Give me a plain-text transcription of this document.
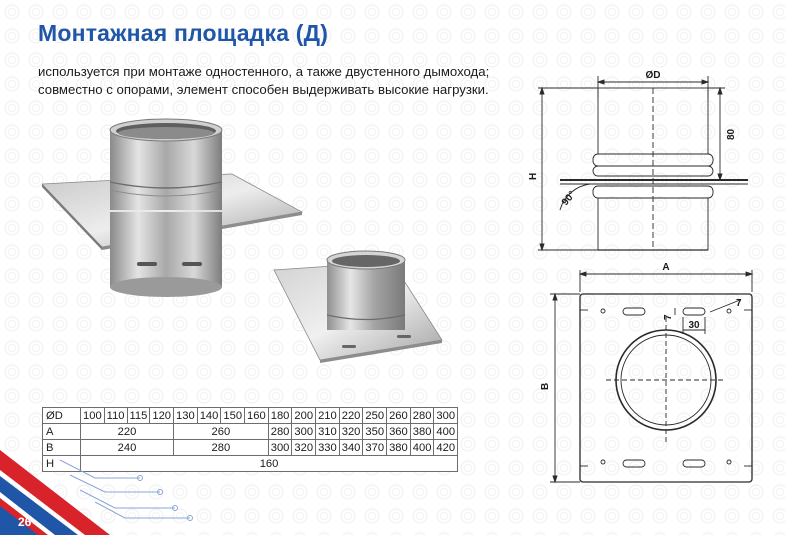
Монтажная площадка (Д)

используется при монтаже одностенного, а также двустенного дымохода;

совместно с опорами, элемент способен выдерживать высокие нагрузки.

ØD
80
H
90°
A
B
30
7
7
ØD	100	110	115	120	130	140	150	160	180	200	210	220	250	260	280	300
A	220				260				280	300	310	320	350	360	380	400
B	240				280				300	320	330	340	370	380	400	420
H	160															
26
